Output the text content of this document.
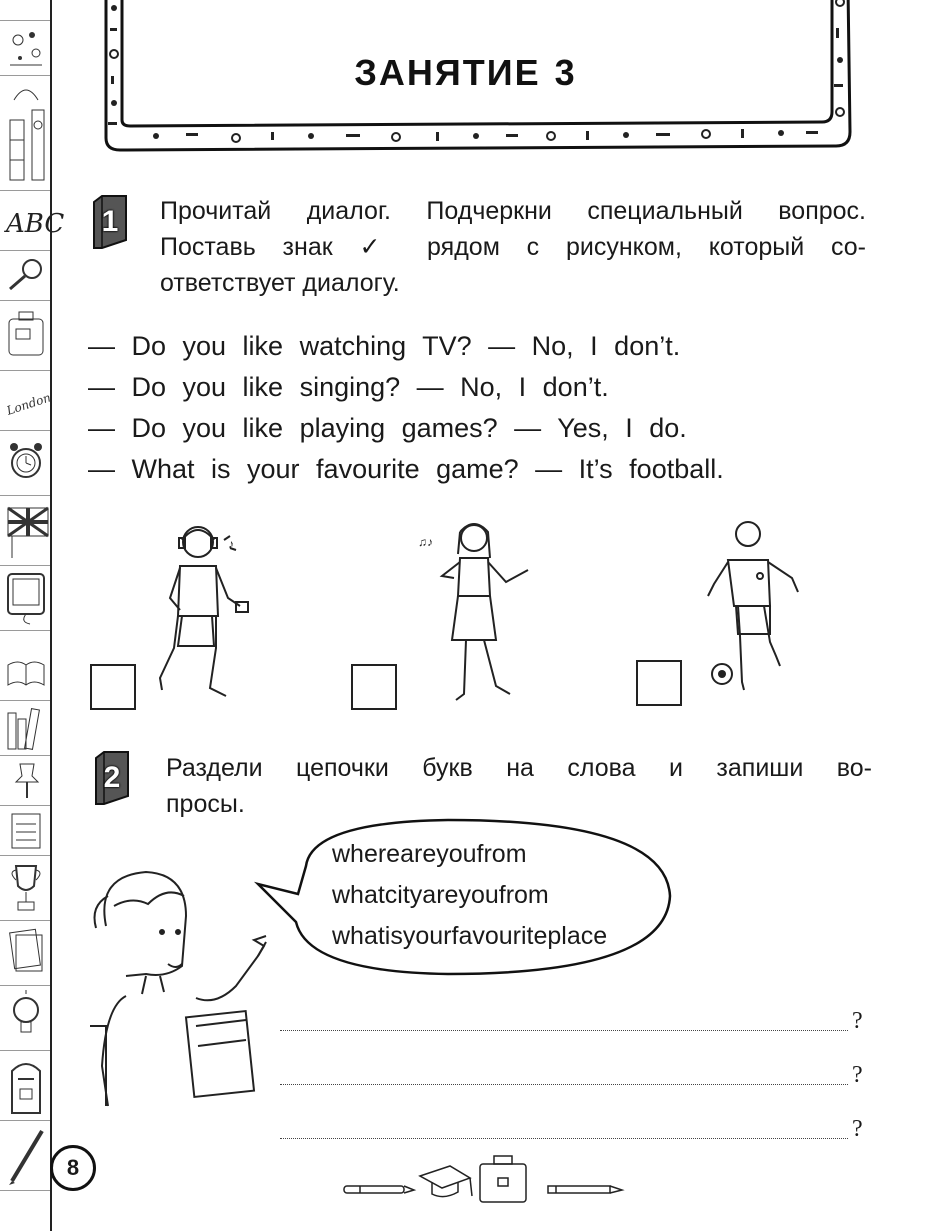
ABC
London
ЗАНЯТИЕ 3
1	Прочитай диалог. Подчеркни специальный вопрос.

Поставь знак ✓ рядом с рисунком, который со-

ответствует диалогу.

— Do you like watching TV? — No, I don’t.
— Do you like singing? — No, I don’t.
— Do you like playing games? — Yes, I do.
— What is your favourite game? — It’s football.
♪	♫♪
2	Раздели цепочки букв на слова и запиши во-

просы.

whereareyoufrom
whatcityareyoufrom
whatisyourfavouriteplace
?
?
?
8
